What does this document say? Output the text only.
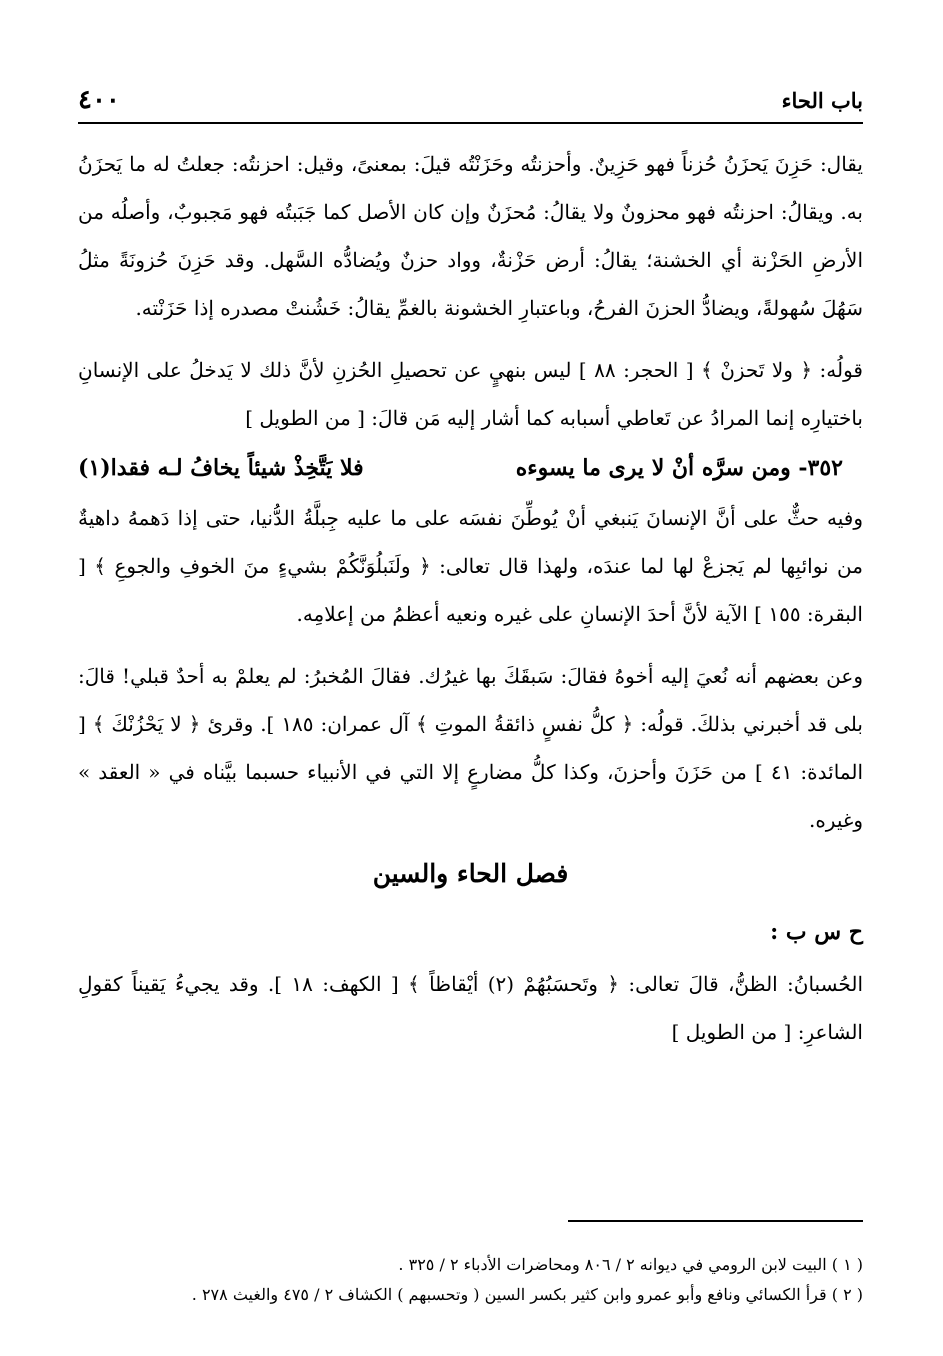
باب الحاء
٤٠٠

يقال: حَزِنَ يَحزَنُ حُزناً فهو حَزِينٌ. وأحزنتُه وحَزَنْتُه قيلَ: بمعنىً، وقيل: احزنتُه: جعلتُ له ما يَحزَنُ به. ويقالُ: احزنتُه فهو محزونٌ ولا يقالُ: مُحزَنٌ وإن كان الأصل كما جَبَبتُه فهو مَجبوبٌ، وأصلُه من الأرضِ الحَزْنة أي الخشنة؛ يقالُ: أرض حَزْنةٌ، وواد حزنٌ ويُضادُّه السَّهل. وقد حَزِنَ حُزونَةً مثلُ سَهُلَ سُهولةً، ويضادُّ الحزنَ الفرحُ، وباعتبارِ الخشونة بالغمِّ يقالُ: خَشُنتْ مصدره إذا حَزَنْته.

قولُه: ﴿ ولا تَحزنْ ﴾ [ الحجر: ٨٨ ] ليس بنهيٍ عن تحصيلِ الحُزنِ لأنَّ ذلك لا يَدخلُ على الإنسانِ باختيارِه إنما المرادُ عن تَعاطي أسبابه كما أشار إليه مَن قالَ: [ من الطويل ]

٣٥٢- ومن سرَّه أنْ لا يرى ما يسوءه
فلا يَتَّخِذْ شيئاً يخافُ لـه فقدا(١)

وفيه حثٌّ على أنَّ الإنسانَ يَنبغي أنْ يُوطِّنَ نفسَه على ما عليه جِبلَّةُ الدُّنيا، حتى إذا دَهمهُ داهيةٌ من نوائبِها لم يَجزعْ لها لما عندَه، ولهذا قال تعالى: ﴿ ولَنَبلُوَنَّكُمْ بشيءٍ منَ الخوفِ والجوعِ ﴾ [ البقرة: ١٥٥ ] الآية لأنَّ أحدَ الإنسانِ على غيره ونعيه أعظمُ من إعلامِه.

وعن بعضهم أنه نُعيَ إليه أخوهُ فقالَ: سَبقَكَ بها غيرُك. فقالَ المُخبرُ: لم يعلمْ به أحدٌ قبلي! قالَ: بلى قد أخبرني بذلكَ. قولُه: ﴿ كلُّ نفسٍ ذائقةُ الموتِ ﴾ آل عمران: ١٨٥ ]. وقرئ ﴿ لا يَحْزُنْكَ ﴾ [ المائدة: ٤١ ] من حَزَنَ وأحزنَ، وكذا كلُّ مضارعٍ إلا التي في الأنبياء حسبما بيَّناه في « العقد » وغيره.

فصل الحاء والسين

ح س ب :

الحُسبانُ: الظنُّ، قالَ تعالى: ﴿ وتَحسَبُهُمْ (٢) أيْقاظاً ﴾ [ الكهف: ١٨ ]. وقد يجيءُ يَقيناً كقولِ الشاعرِ: [ من الطويل ]

( ١ ) البيت لابن الرومي في ديوانه ٢ / ٨٠٦ ومحاضرات الأدباء ٢ / ٣٢٥ .

( ٢ ) قرأ الكسائي ونافع وأبو عمرو وابن كثير بكسر السين ( وتحسبهم ) الكشاف ٢ / ٤٧٥ والغيث ٢٧٨ .
